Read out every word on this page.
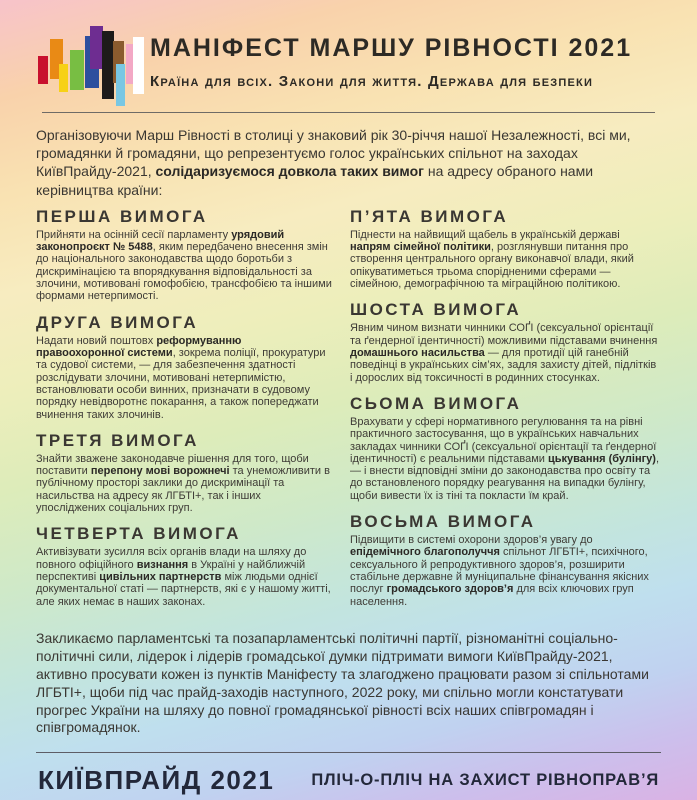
МАНІФЕСТ МАРШУ РІВНОСТІ 2021
Країна для всіх. Закони для життя. Держава для безпеки

Організовуючи Марш Рівності в столиці у знаковий рік 30-річчя нашої Незалежності, всі ми, громадянки й громадяни, що репрезентуємо голос українських спільнот на заходах КиївПрайду-2021, солідаризуємося довкола таких вимог на адресу обраного нами керівництва країни:

ПЕРША ВИМОГА

Прийняти на осінній сесії парламенту урядовий законопроєкт № 5488, яким передбачено внесення змін до національного законодавства щодо боротьби з дискримінацією та впорядкування відповідальності за злочини, мотивовані гомофобією, трансфобією та іншими формами нетерпимості.

ДРУГА ВИМОГА

Надати новий поштовх реформуванню правоохоронної системи, зокрема поліції, прокуратури та судової системи, — для забезпечення здатності розслідувати злочини, мотивовані нетерпимістю, встановлювати особи винних, призначати в судовому порядку невідворотнє покарання, а також попереджати вчинення таких злочинів.

ТРЕТЯ ВИМОГА

Знайти зважене законодавче рішення для того, щоби поставити перепону мові ворожнечі та унеможливити в публічному просторі заклики до дискримінації та насильства на адресу як ЛГБТІ+, так і інших упосліджених соціальних груп.

ЧЕТВЕРТА ВИМОГА

Активізувати зусилля всіх органів влади на шляху до повного офіційного визнання в Україні у найближчій перспективі цивільних партнерств між людьми однієї документальної статі — партнерств, які є у нашому житті, але яких немає в наших законах.

П’ЯТА ВИМОГА

Піднести на найвищий щабель в українській державі напрям сімейної політики, розглянувши питання про створення центрального органу виконавчої влади, який опікуватиметься трьома спорідненими сферами — сімейною, демографічною та міграційною політикою.

ШОСТА ВИМОГА

Явним чином визнати чинники СОҐІ (сексуальної орієнтації та ґендерної ідентичності) можливими підставами вчинення домашнього насильства — для протидії цій ганебній поведінці в українських сім’ях, задля захисту дітей, підлітків і дорослих від токсичності в родинних стосунках.

СЬОМА ВИМОГА

Врахувати у сфері нормативного регулювання та на рівні практичного застосування, що в українських навчальних закладах чинники СОҐІ (сексуальної орієнтації та ґендерної ідентичності) є реальними підставами цькування (булінгу), — і внести відповідні зміни до законодавства про освіту та до встановленого порядку реагування на випадки булінгу, щоби вивести їх із тіні та покласти їм край.

ВОСЬМА ВИМОГА

Підвищити в системі охорони здоров’я увагу до епідемічного благополуччя спільнот ЛГБТІ+, психічного, сексуального й репродуктивного здоров’я, розширити стабільне державне й муніципальне фінансування якісних послуг громадського здоров’я для всіх ключових груп населення.

Закликаємо парламентські та позапарламентські політичні партії, різноманітні соціально-політичні сили, лідерок і лідерів громадської думки підтримати вимоги КиївПрайду-2021, активно просувати кожен із пунктів Маніфесту та злагоджено працювати разом зі спільнотами ЛГБТІ+, щоби під час прайд-заходів наступного, 2022 року, ми спільно могли констатувати прогрес України на шляху до повної громадянської рівності всіх наших співгромадян і співгромадянок.

КИЇВПРАЙД 2021 ПЛІЧ-О-ПЛІЧ НА ЗАХИСТ РІВНОПРАВ’Я
